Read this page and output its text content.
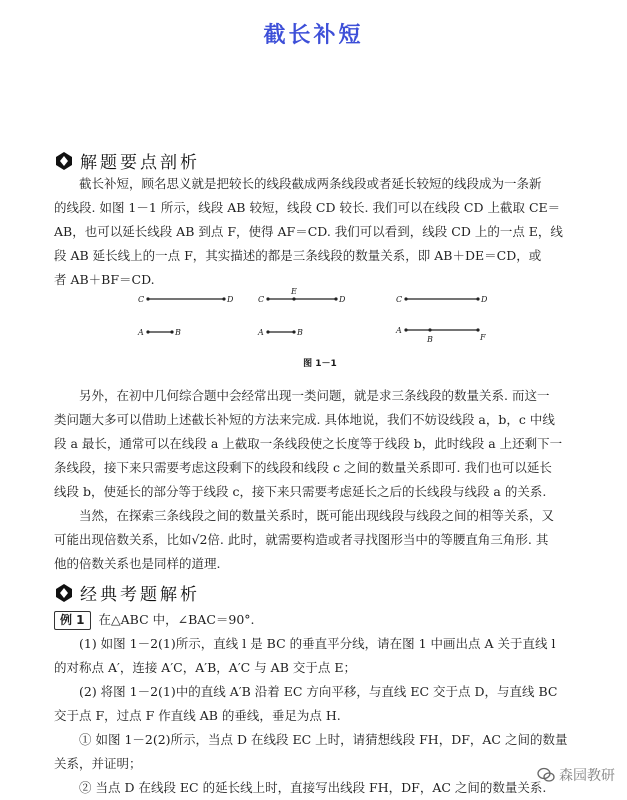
截长补短
解题要点剖析

截长补短，顾名思义就是把较长的线段截成两条线段或者延长较短的线段成为一条新

的线段. 如图 1－1 所示，线段 AB 较短，线段 CD 较长. 我们可以在线段 CD 上截取 CE＝

AB，也可以延长线段 AB 到点 F，使得 AF＝CD. 我们可以看到，线段 CD 上的一点 E，线

段 AB 延长线上的一点 F，其实描述的都是三条线段的数量关系，即 AB＋DE＝CD，或

者 AB＋BF＝CD.

C	D
A	B
C
E
D
A	B
C	D
A
B	F
图 1－1

另外，在初中几何综合题中会经常出现一类问题，就是求三条线段的数量关系. 而这一

类问题大多可以借助上述截长补短的方法来完成. 具体地说，我们不妨设线段 a，b，c 中线

段 a 最长，通常可以在线段 a 上截取一条线段使之长度等于线段 b，此时线段 a 上还剩下一

条线段，接下来只需要考虑这段剩下的线段和线段 c 之间的数量关系即可. 我们也可以延长

线段 b，使延长的部分等于线段 c，接下来只需要考虑延长之后的长线段与线段 a 的关系.

当然，在探索三条线段之间的数量关系时，既可能出现线段与线段之间的相等关系，又

可能出现倍数关系，比如√2倍. 此时，就需要构造或者寻找图形当中的等腰直角三角形. 其

他的倍数关系也是同样的道理.

经典考题解析

例 1 在△ABC 中，∠BAC＝90°.

(1) 如图 1－2(1)所示，直线 l 是 BC 的垂直平分线，请在图 1 中画出点 A 关于直线 l

的对称点 A′，连接 A′C，A′B，A′C 与 AB 交于点 E；

(2) 将图 1－2(1)中的直线 A′B 沿着 EC 方向平移，与直线 EC 交于点 D，与直线 BC

交于点 F，过点 F 作直线 AB 的垂线，垂足为点 H.

① 如图 1－2(2)所示，当点 D 在线段 EC 上时，请猜想线段 FH，DF，AC 之间的数量

关系，并证明；

② 当点 D 在线段 EC 的延长线上时，直接写出线段 FH，DF，AC 之间的数量关系.

森园教研
